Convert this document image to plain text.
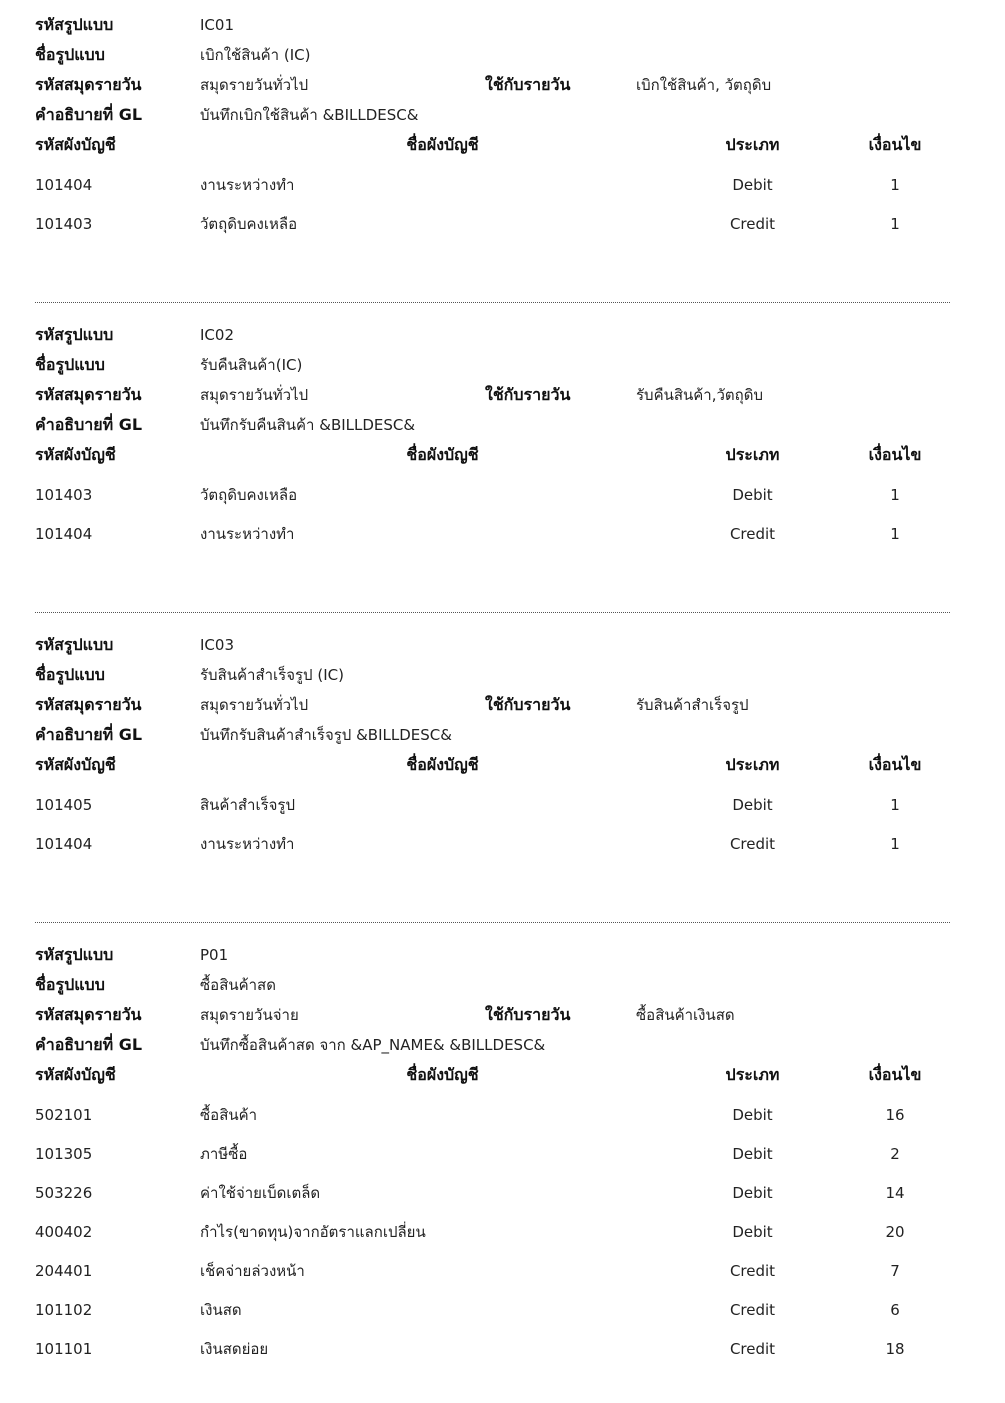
รหัสรูปแบบ	IC01
ชื่อรูปแบบ	เบิกใช้สินค้า (IC)
รหัสสมุดรายวัน	สมุดรายวันทั่วไป	ใช้กับรายวัน	เบิกใช้สินค้า, วัตถุดิบ
คำอธิบายที่ GL	บันทึกเบิกใช้สินค้า &BILLDESC&
รหัสผังบัญชี	ชื่อผังบัญชี	ประเภท	เงื่อนไข
101404	งานระหว่างทำ	Debit	1
101403	วัตถุดิบคงเหลือ	Credit	1
รหัสรูปแบบ	IC02
ชื่อรูปแบบ	รับคืนสินค้า(IC)
รหัสสมุดรายวัน	สมุดรายวันทั่วไป	ใช้กับรายวัน	รับคืนสินค้า,วัตถุดิบ
คำอธิบายที่ GL	บันทึกรับคืนสินค้า &BILLDESC&
รหัสผังบัญชี	ชื่อผังบัญชี	ประเภท	เงื่อนไข
101403	วัตถุดิบคงเหลือ	Debit	1
101404	งานระหว่างทำ	Credit	1
รหัสรูปแบบ	IC03
ชื่อรูปแบบ	รับสินค้าสำเร็จรูป (IC)
รหัสสมุดรายวัน	สมุดรายวันทั่วไป	ใช้กับรายวัน	รับสินค้าสำเร็จรูป
คำอธิบายที่ GL	บันทึกรับสินค้าสำเร็จรูป &BILLDESC&
รหัสผังบัญชี	ชื่อผังบัญชี	ประเภท	เงื่อนไข
101405	สินค้าสำเร็จรูป	Debit	1
101404	งานระหว่างทำ	Credit	1
รหัสรูปแบบ	P01
ชื่อรูปแบบ	ซื้อสินค้าสด
รหัสสมุดรายวัน	สมุดรายวันจ่าย	ใช้กับรายวัน	ซื้อสินค้าเงินสด
คำอธิบายที่ GL	บันทึกซื้อสินค้าสด จาก &AP_NAME& &BILLDESC&
รหัสผังบัญชี	ชื่อผังบัญชี	ประเภท	เงื่อนไข
502101	ซื้อสินค้า	Debit	16
101305	ภาษีซื้อ	Debit	2
503226	ค่าใช้จ่ายเบ็ดเตล็ด	Debit	14
400402	กำไร(ขาดทุน)จากอัตราแลกเปลี่ยน	Debit	20
204401	เช็คจ่ายล่วงหน้า	Credit	7
101102	เงินสด	Credit	6
101101	เงินสดย่อย	Credit	18
